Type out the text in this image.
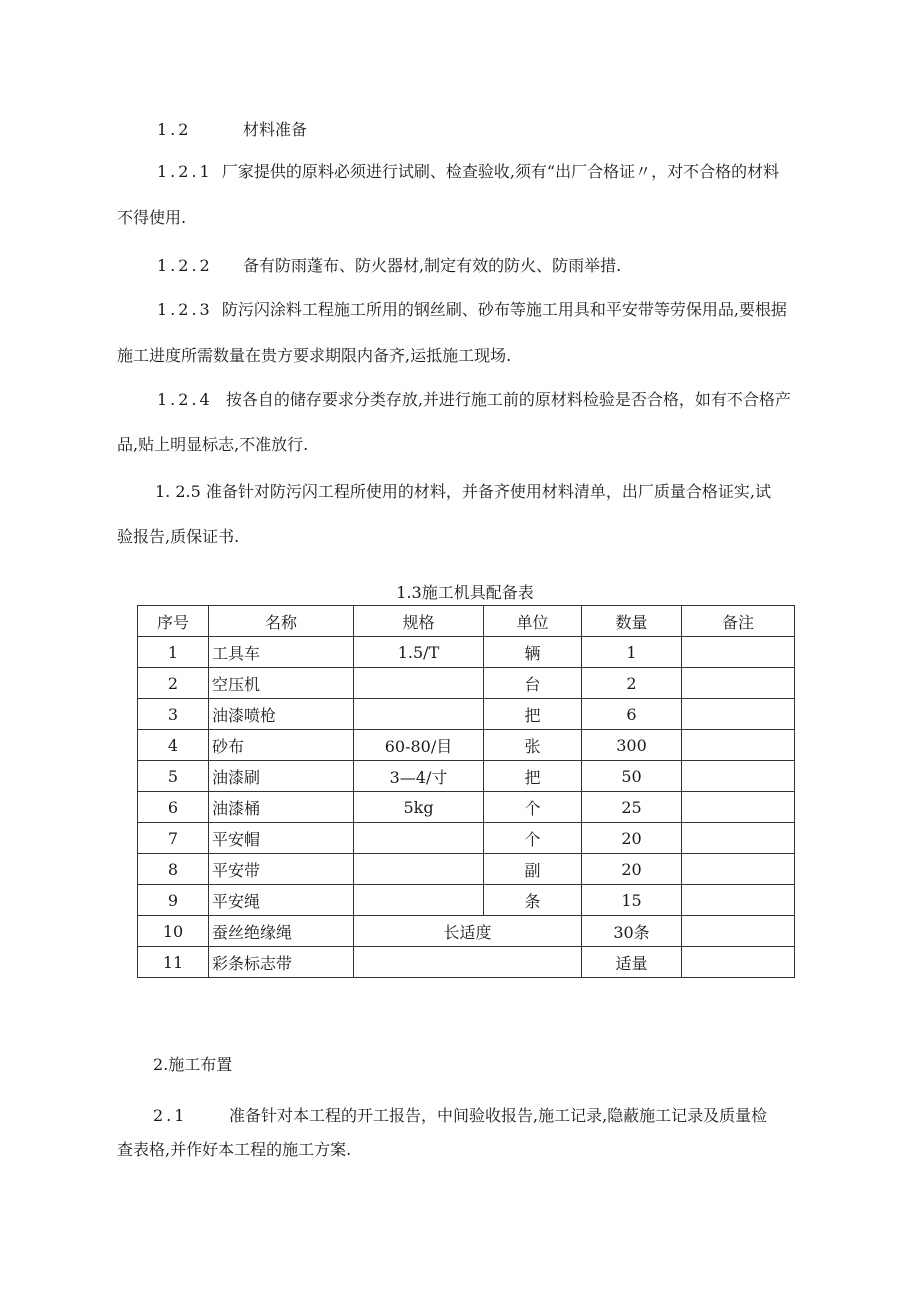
1.2	材料准备
1.2.1 厂家提供的原料必须进行试刷、检查验收,须有“出厂合格证〃，对不合格的材料
不得使用.
1.2.2 备有防雨蓬布、防火器材,制定有效的防火、防雨举措.
1.2.3 防污闪涂料工程施工所用的钢丝刷、砂布等施工用具和平安带等劳保用品,要根据
施工进度所需数量在贵方要求期限内备齐,运抵施工现场.
1.2.4 按各自的储存要求分类存放,并进行施工前的原材料检验是否合格，如有不合格产
品,贴上明显标志,不准放行.
1. 2.5 准备针对防污闪工程所使用的材料，并备齐使用材料清单，出厂质量合格证实,试
验报告,质保证书.
1.3施工机具配备表
序号	名称	规格	单位	数量	备注
1	工具车	1.5/T	辆	1	
2	空压机		台	2	
3	油漆喷枪		把	6	
4	砂布	60-80/目	张	300	
5	油漆刷	3—4/寸	把	50	
6	油漆桶	5kg	个	25	
7	平安帽		个	20	
8	平安带		副	20	
9	平安绳		条	15	
10	蚕丝绝缘绳	长适度		30条	
11	彩条标志带			适量	
2.施工布置
2.1	准备针对本工程的开工报告，中间验收报告,施工记录,隐蔽施工记录及质量检
查表格,并作好本工程的施工方案.
